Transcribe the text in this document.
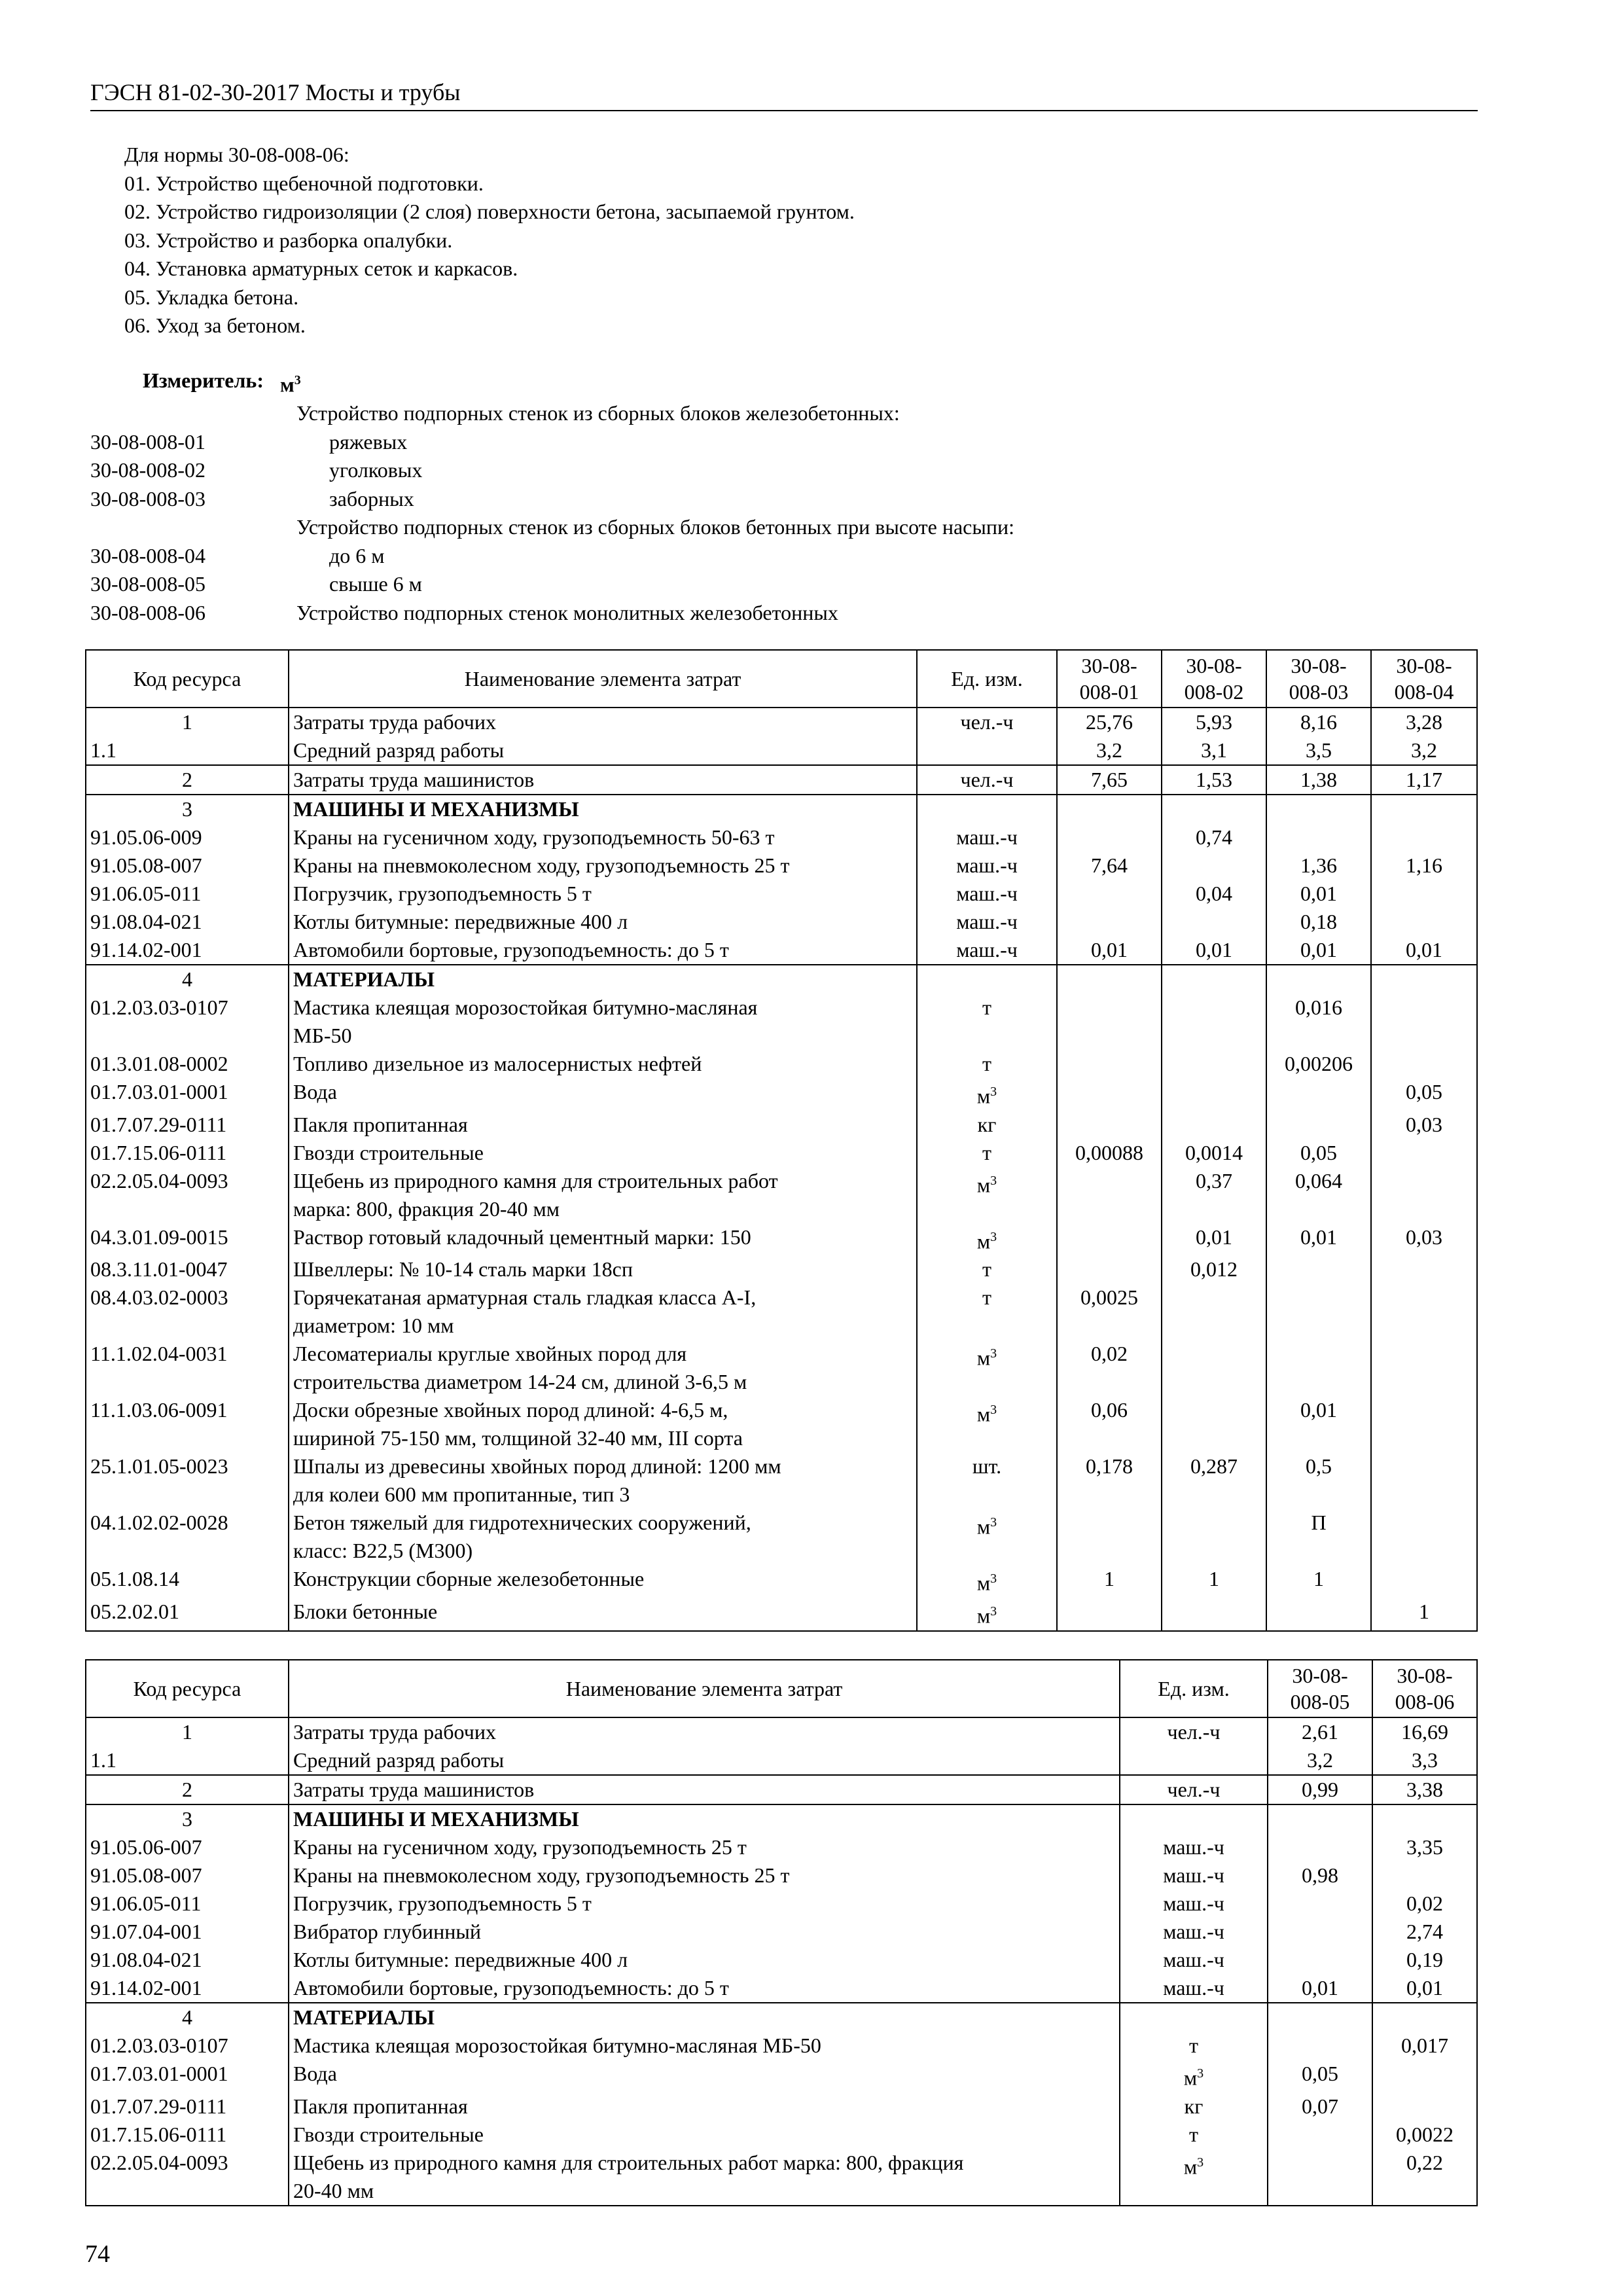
ГЭСН 81-02-30-2017 Мосты и трубы
Для нормы 30-08-008-06:
01. Устройство щебеночной подготовки.
02. Устройство гидроизоляции (2 слоя) поверхности бетона, засыпаемой грунтом.
03. Устройство и разборка опалубки.
04. Установка арматурных сеток и каркасов.
05. Укладка бетона.
06. Уход за бетоном.
Измеритель: $м^3$
Устройство подпорных стенок из сборных блоков железобетонных:
30-08-008-01	ряжевых
30-08-008-02	уголковых
30-08-008-03	заборных
Устройство подпорных стенок из сборных блоков бетонных при высоте насыпи:
30-08-008-04	до 6 м
30-08-008-05	свыше 6 м
30-08-008-06	Устройство подпорных стенок монолитных железобетонных
Код ресурса	Наименование элемента затрат	Ед. изм.	30-08-
008-01	30-08-
008-02	30-08-
008-03	30-08-
008-04
1	Затраты труда рабочих	чел.-ч	25,76	5,93	8,16	3,28
1.1	Средний разряд работы		3,2	3,1	3,5	3,2
2	Затраты труда машинистов	чел.-ч	7,65	1,53	1,38	1,17
3	МАШИНЫ И МЕХАНИЗМЫ					

91.05.06-009	Краны на гусеничном ходу, грузоподъемность 50-63 т	маш.-ч		0,74		
91.05.08-007	Краны на пневмоколесном ходу, грузоподъемность 25 т	маш.-ч	7,64		1,36	1,16
91.06.05-011	Погрузчик, грузоподъемность 5 т	маш.-ч		0,04	0,01	
91.08.04-021	Котлы битумные: передвижные 400 л	маш.-ч			0,18	
91.14.02-001	Автомобили бортовые, грузоподъемность: до 5 т	маш.-ч	0,01	0,01	0,01	0,01
4	МАТЕРИАЛЫ					

01.2.03.03-0107	Мастика клеящая морозостойкая битумно-масляная
МБ-50	т			0,016	
01.3.01.08-0002	Топливо дизельное из малосернистых нефтей	т			0,00206	
01.7.03.01-0001	Вода	$м^3$				0,05
01.7.07.29-0111	Пакля пропитанная	кг				0,03
01.7.15.06-0111	Гвозди строительные	т	0,00088	0,0014	0,05	
02.2.05.04-0093	Щебень из природного камня для строительных работ
марка: 800, фракция 20-40 мм	$м^3$		0,37	0,064	
04.3.01.09-0015	Раствор готовый кладочный цементный марки: 150	$м^3$		0,01	0,01	0,03
08.3.11.01-0047	Швеллеры: № 10-14 сталь марки 18сп	т		0,012		
08.4.03.02-0003	Горячекатаная арматурная сталь гладкая класса А-I,
диаметром: 10 мм	т	0,0025			
11.1.02.04-0031	Лесоматериалы круглые хвойных пород для
строительства диаметром 14-24 см, длиной 3-6,5 м	$м^3$	0,02			
11.1.03.06-0091	Доски обрезные хвойных пород длиной: 4-6,5 м,
шириной 75-150 мм, толщиной 32-40 мм, III сорта	$м^3$	0,06		0,01	
25.1.01.05-0023	Шпалы из древесины хвойных пород длиной: 1200 мм
для колеи 600 мм пропитанные, тип 3	шт.	0,178	0,287	0,5	
04.1.02.02-0028	Бетон тяжелый для гидротехнических сооружений,
класс: В22,5 (М300)	$м^3$			П	
05.1.08.14	Конструкции сборные железобетонные	$м^3$	1	1	1	
05.2.02.01	Блоки бетонные	$м^3$				1
Код ресурса	Наименование элемента затрат	Ед. изм.	30-08-
008-05	30-08-
008-06
1	Затраты труда рабочих	чел.-ч	2,61	16,69
1.1	Средний разряд работы		3,2	3,3
2	Затраты труда машинистов	чел.-ч	0,99	3,38
3	МАШИНЫ И МЕХАНИЗМЫ			

91.05.06-007	Краны на гусеничном ходу, грузоподъемность 25 т	маш.-ч		3,35
91.05.08-007	Краны на пневмоколесном ходу, грузоподъемность 25 т	маш.-ч	0,98	
91.06.05-011	Погрузчик, грузоподъемность 5 т	маш.-ч		0,02
91.07.04-001	Вибратор глубинный	маш.-ч		2,74
91.08.04-021	Котлы битумные: передвижные 400 л	маш.-ч		0,19
91.14.02-001	Автомобили бортовые, грузоподъемность: до 5 т	маш.-ч	0,01	0,01
4	МАТЕРИАЛЫ			

01.2.03.03-0107	Мастика клеящая морозостойкая битумно-масляная МБ-50	т		0,017
01.7.03.01-0001	Вода	$м^3$	0,05	
01.7.07.29-0111	Пакля пропитанная	кг	0,07	
01.7.15.06-0111	Гвозди строительные	т		0,0022
02.2.05.04-0093	Щебень из природного камня для строительных работ марка: 800, фракция
20-40 мм	$м^3$		0,22
74
